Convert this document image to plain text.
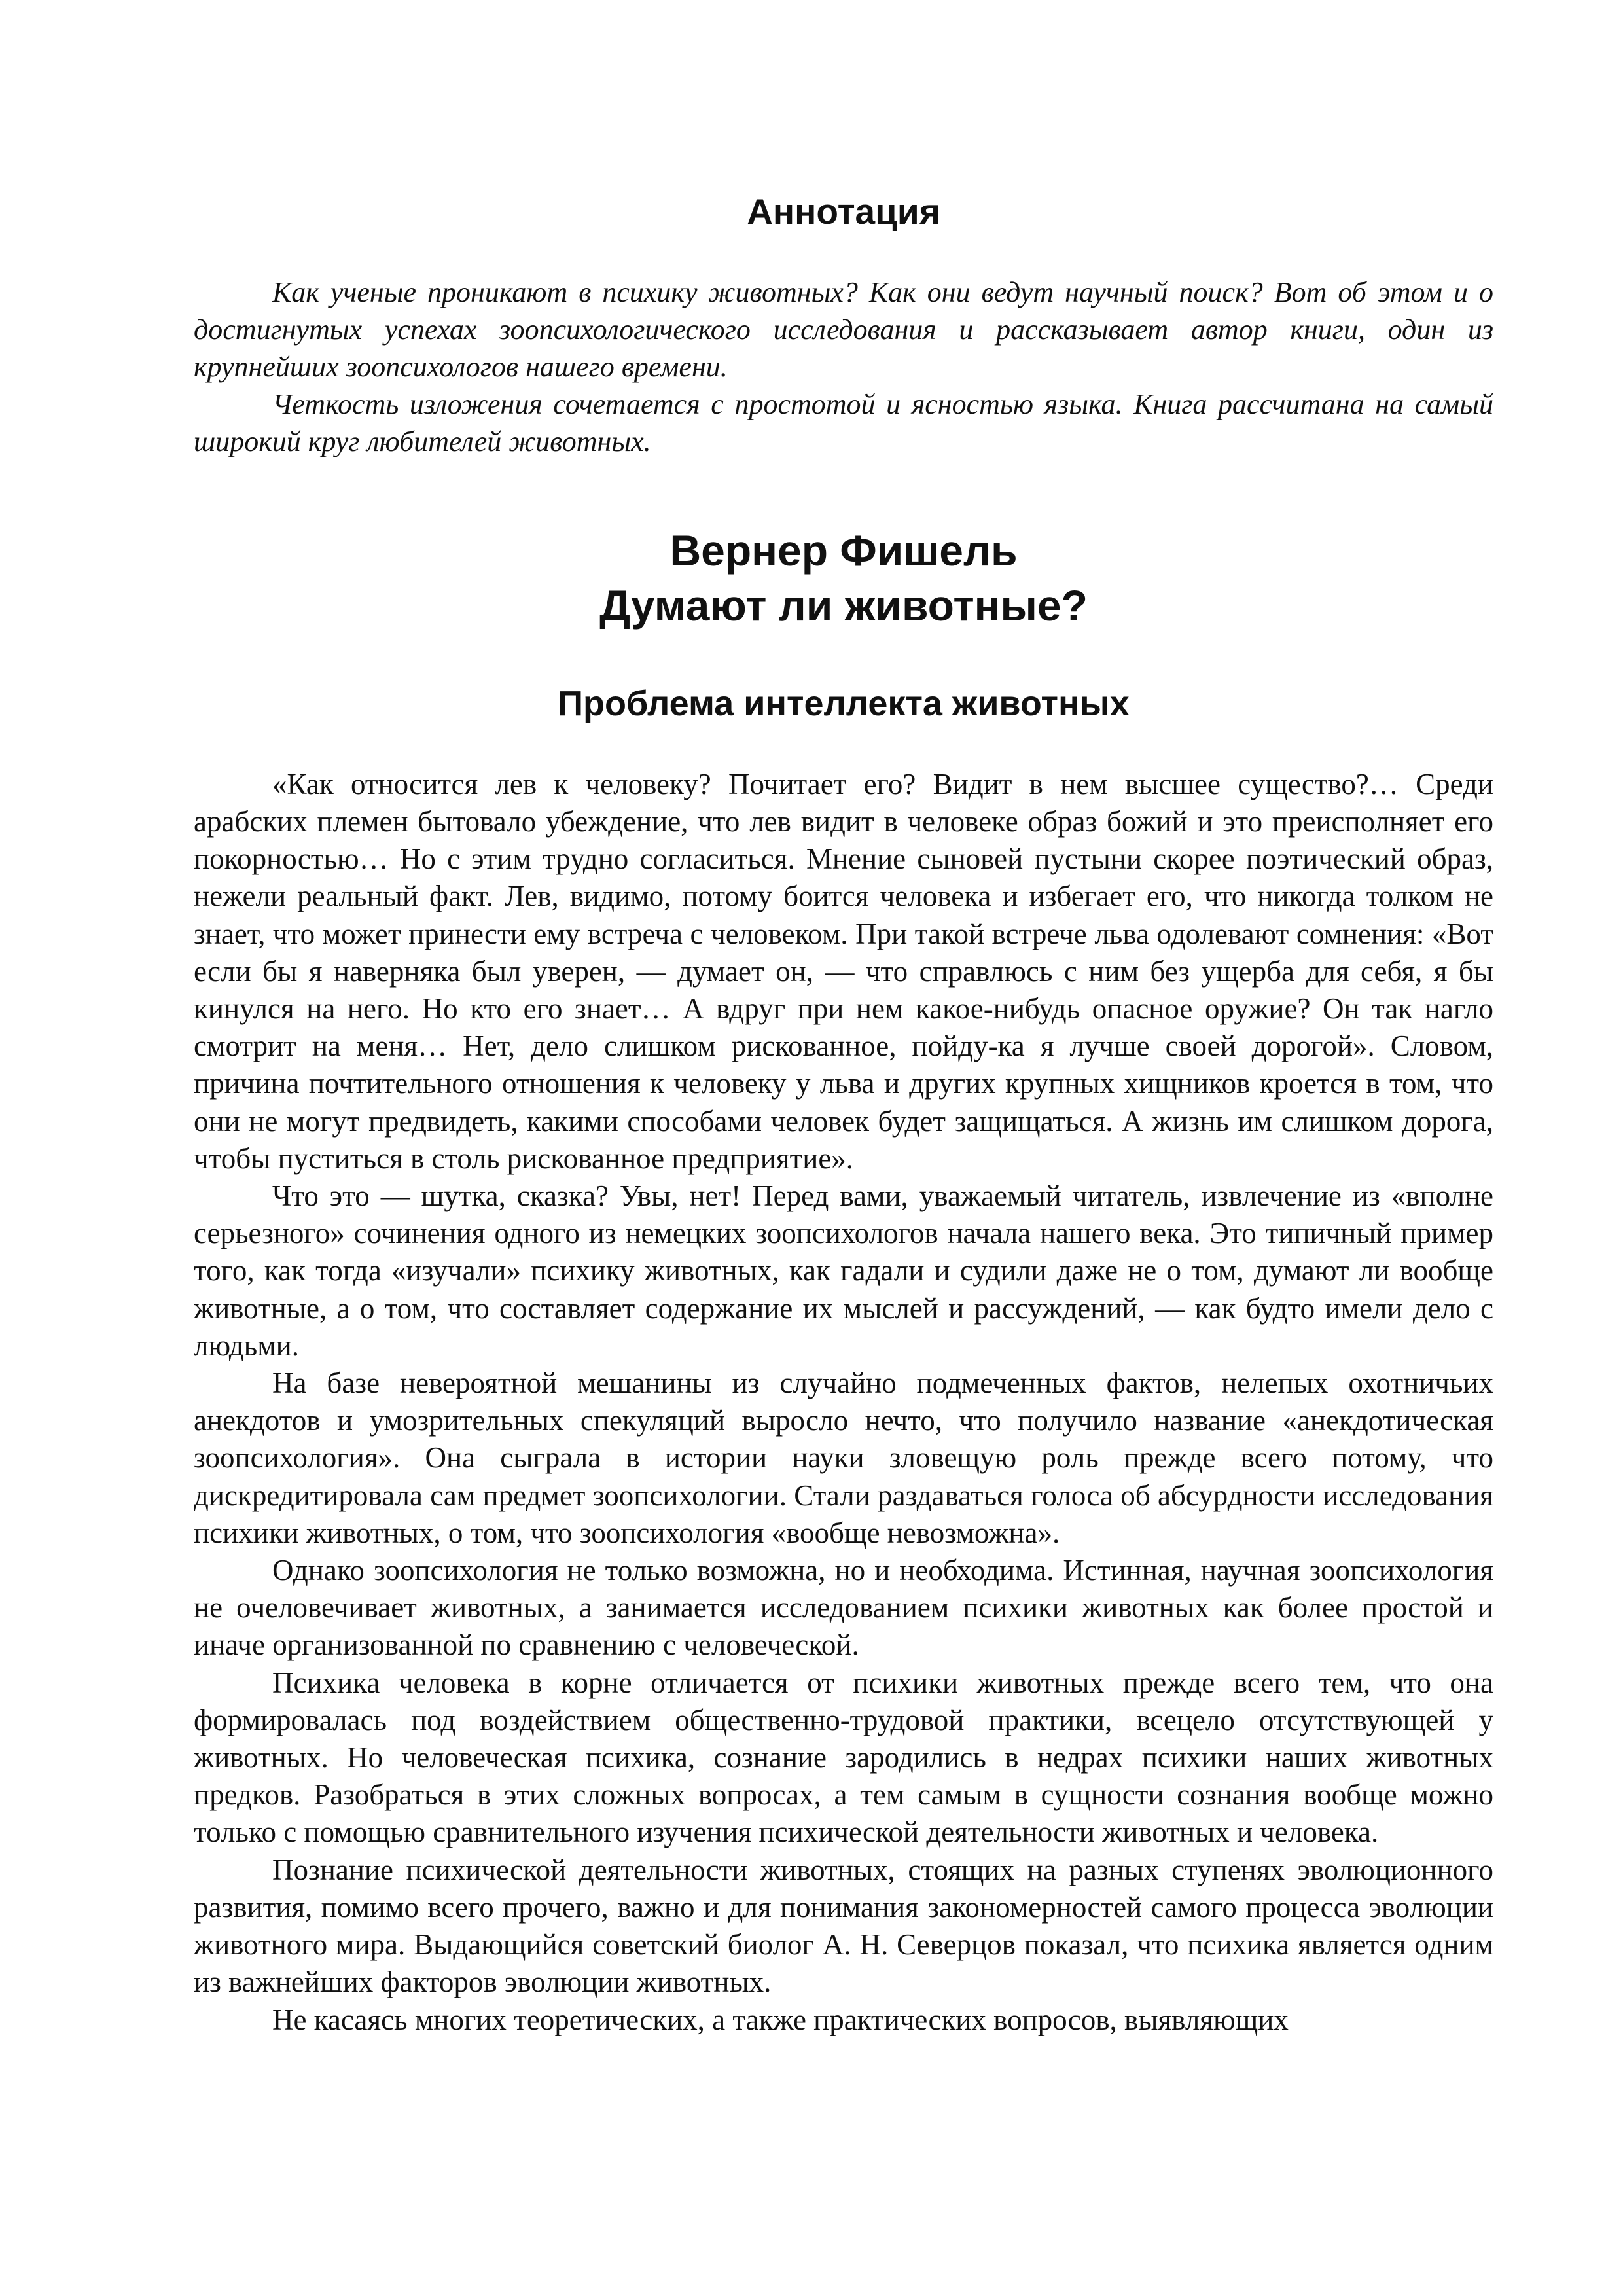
Аннотация

Как ученые проникают в психику животных? Как они ведут научный поиск? Вот об этом и о достигнутых успехах зоопсихологического исследования и рассказывает автор книги, один из крупнейших зоопсихологов нашего времени.

Четкость изложения сочетается с простотой и ясностью языка. Книга рассчитана на самый широкий круг любителей животных.

Вернер Фишель
Думают ли животные?
Проблема интеллекта животных

«Как относится лев к человеку? Почитает его? Видит в нем высшее существо?… Среди арабских племен бытовало убеждение, что лев видит в человеке образ божий и это преисполняет его покорностью… Но с этим трудно согласиться. Мнение сыновей пустыни скорее поэтический образ, нежели реальный факт. Лев, видимо, потому боится человека и избегает его, что никогда толком не знает, что может принести ему встреча с человеком. При такой встрече льва одолевают сомнения: «Вот если бы я наверняка был уверен, — думает он, — что справлюсь с ним без ущерба для себя, я бы кинулся на него. Но кто его знает… А вдруг при нем какое-нибудь опасное оружие? Он так нагло смотрит на меня… Нет, дело слишком рискованное, пойду-ка я лучше своей дорогой». Словом, причина почтительного отношения к человеку у льва и других крупных хищников кроется в том, что они не могут предвидеть, какими способами человек будет защищаться. А жизнь им слишком дорога, чтобы пуститься в столь рискованное предприятие».

Что это — шутка, сказка? Увы, нет! Перед вами, уважаемый читатель, извлечение из «вполне серьезного» сочинения одного из немецких зоопсихологов начала нашего века. Это типичный пример того, как тогда «изучали» психику животных, как гадали и судили даже не о том, думают ли вообще животные, а о том, что составляет содержание их мыслей и рассуждений, — как будто имели дело с людьми.

На базе невероятной мешанины из случайно подмеченных фактов, нелепых охотничьих анекдотов и умозрительных спекуляций выросло нечто, что получило название «анекдотическая зоопсихология». Она сыграла в истории науки зловещую роль прежде всего потому, что дискредитировала сам предмет зоопсихологии. Стали раздаваться голоса об абсурдности исследования психики животных, о том, что зоопсихология «вообще невозможна».

Однако зоопсихология не только возможна, но и необходима. Истинная, научная зоопсихология не очеловечивает животных, а занимается исследованием психики животных как более простой и иначе организованной по сравнению с человеческой.

Психика человека в корне отличается от психики животных прежде всего тем, что она формировалась под воздействием общественно-трудовой практики, всецело отсутствующей у животных. Но человеческая психика, сознание зародились в недрах психики наших животных предков. Разобраться в этих сложных вопросах, а тем самым в сущности сознания вообще можно только с помощью сравнительного изучения психической деятельности животных и человека.

Познание психической деятельности животных, стоящих на разных ступенях эволюционного развития, помимо всего прочего, важно и для понимания закономерностей самого процесса эволюции животного мира. Выдающийся советский биолог А. Н. Северцов показал, что психика является одним из важнейших факторов эволюции животных.

Не касаясь многих теоретических, а также практических вопросов, выявляющих
